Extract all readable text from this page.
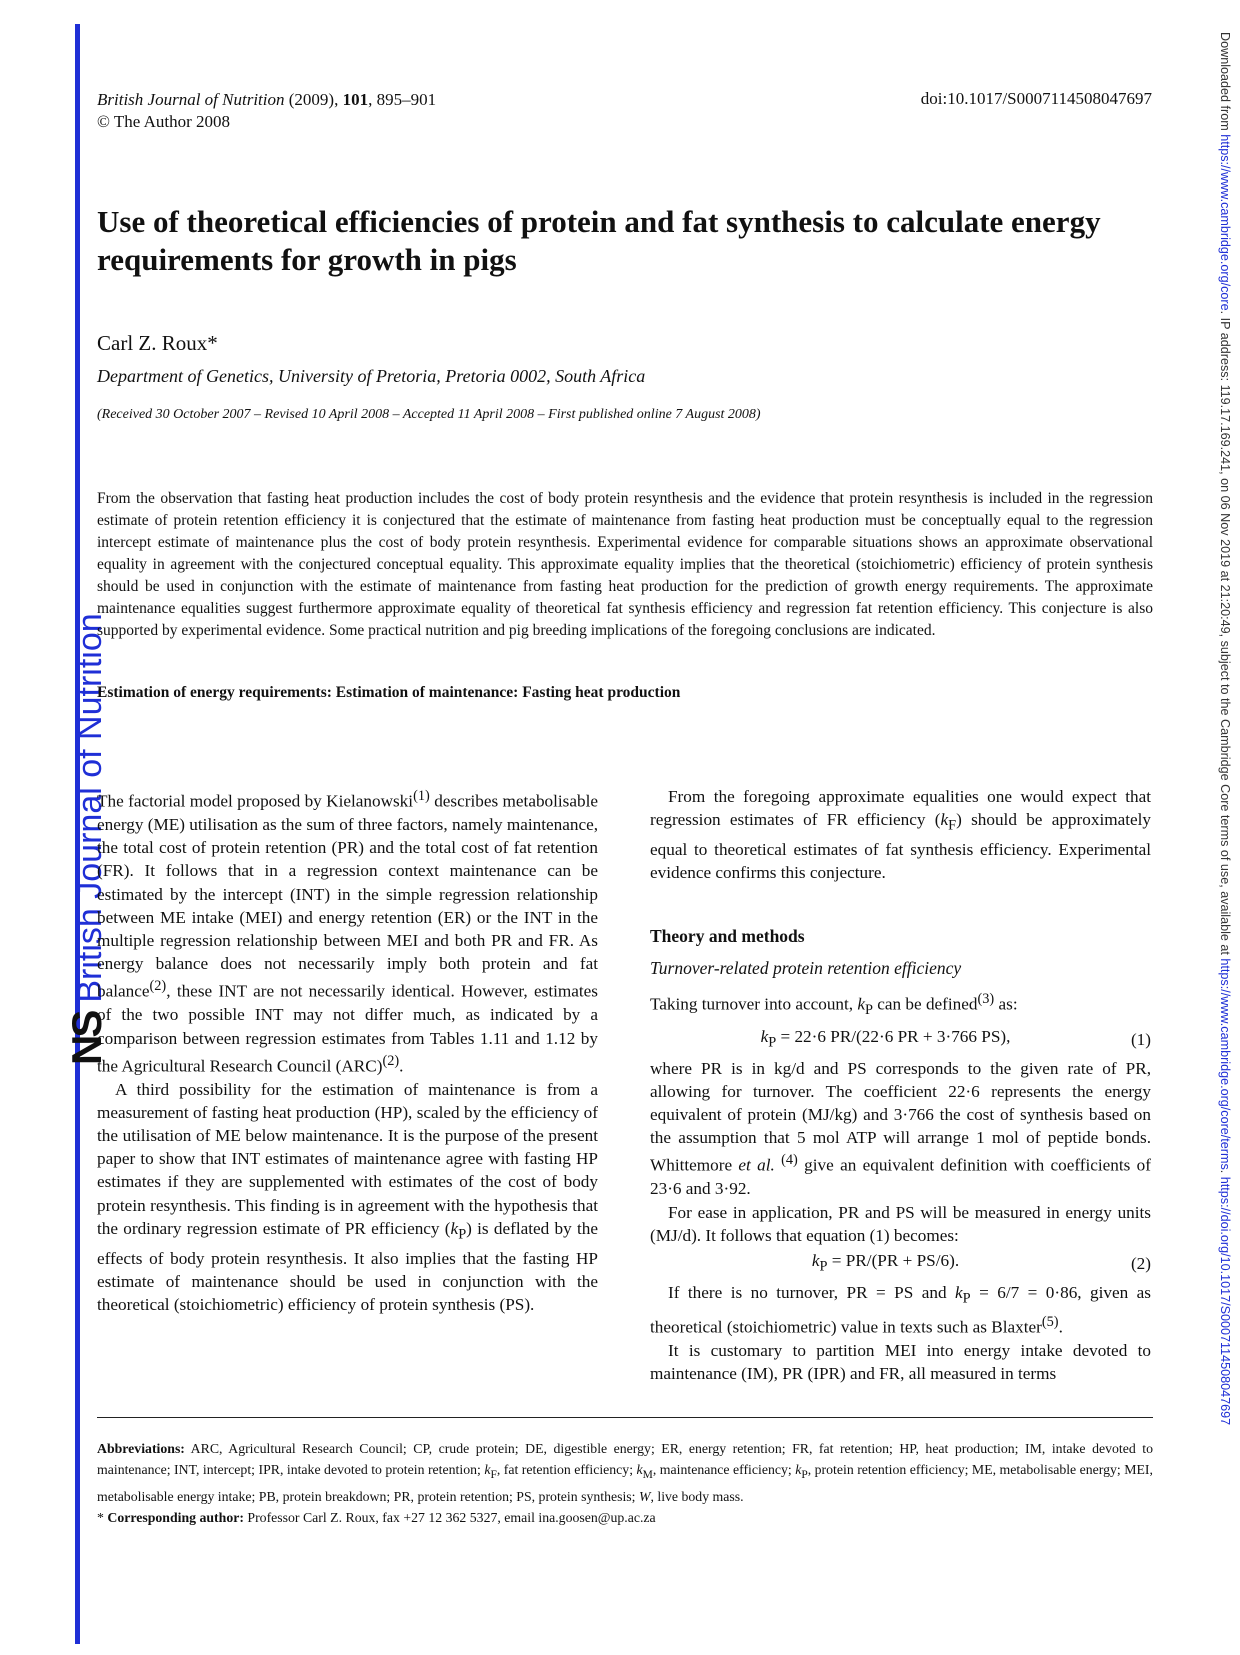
NSBritish Journal of Nutrition
Downloaded from https://www.cambridge.org/core. IP address: 119.17.169.241, on 06 Nov 2019 at 21:20:49, subject to the Cambridge Core terms of use, available at https://www.cambridge.org/core/terms. https://doi.org/10.1017/S0007114508047697
British Journal of Nutrition (2009), 101, 895–901
© The Author 2008
doi:10.1017/S0007114508047697
Use of theoretical efficiencies of protein and fat synthesis to calculate energy requirements for growth in pigs
Carl Z. Roux*
Department of Genetics, University of Pretoria, Pretoria 0002, South Africa
(Received 30 October 2007 – Revised 10 April 2008 – Accepted 11 April 2008 – First published online 7 August 2008)
From the observation that fasting heat production includes the cost of body protein resynthesis and the evidence that protein resynthesis is included in the regression estimate of protein retention efficiency it is conjectured that the estimate of maintenance from fasting heat production must be conceptually equal to the regression intercept estimate of maintenance plus the cost of body protein resynthesis. Experimental evidence for comparable situations shows an approximate observational equality in agreement with the conjectured conceptual equality. This approximate equality implies that the theoretical (stoichiometric) efficiency of protein synthesis should be used in conjunction with the estimate of maintenance from fasting heat production for the prediction of growth energy requirements. The approximate maintenance equalities suggest furthermore approximate equality of theoretical fat synthesis efficiency and regression fat retention efficiency. This conjecture is also supported by experimental evidence. Some practical nutrition and pig breeding implications of the foregoing conclusions are indicated.
Estimation of energy requirements: Estimation of maintenance: Fasting heat production

The factorial model proposed by Kielanowski$^{(1)}$ describes metabolisable energy (ME) utilisation as the sum of three factors, namely maintenance, the total cost of protein retention (PR) and the total cost of fat retention (FR). It follows that in a regression context maintenance can be estimated by the intercept (INT) in the simple regression relationship between ME intake (MEI) and energy retention (ER) or the INT in the multiple regression relationship between MEI and both PR and FR. As energy balance does not necessarily imply both protein and fat balance$^{(2)}$, these INT are not necessarily identical. However, estimates of the two possible INT may not differ much, as indicated by a comparison between regression estimates from Tables 1.11 and 1.12 by the Agricultural Research Council (ARC)$^{(2)}$.

A third possibility for the estimation of maintenance is from a measurement of fasting heat production (HP), scaled by the efficiency of the utilisation of ME below maintenance. It is the purpose of the present paper to show that INT estimates of maintenance agree with fasting HP estimates if they are supplemented with estimates of the cost of body protein resynthesis. This finding is in agreement with the hypothesis that the ordinary regression estimate of PR efficiency $(k_P)$ is deflated by the effects of body protein resynthesis. It also implies that the fasting HP estimate of maintenance should be used in conjunction with the theoretical (stoichiometric) efficiency of protein synthesis (PS).

From the foregoing approximate equalities one would expect that regression estimates of FR efficiency $(k_F)$ should be approximately equal to theoretical estimates of fat synthesis efficiency. Experimental evidence confirms this conjecture.

Theory and methods
Turnover-related protein retention efficiency

Taking turnover into account, $k_P$ can be defined$^{(3)}$ as:

$k_P = 22\cdot 6$ PR/(22·6 PR + 3·766 PS),	(1)

where PR is in kg/d and PS corresponds to the given rate of PR, allowing for turnover. The coefficient 22·6 represents the energy equivalent of protein (MJ/kg) and 3·766 the cost of synthesis based on the assumption that 5 mol ATP will arrange 1 mol of peptide bonds. Whittemore et al. $^{(4)}$ give an equivalent definition with coefficients of 23·6 and 3·92.

For ease in application, PR and PS will be measured in energy units (MJ/d). It follows that equation (1) becomes:

$k_P = PR/(PR + PS/6)$.	(2)

If there is no turnover, PR = PS and $k_P = 6/7 = 0\cdot 86$, given as theoretical (stoichiometric) value in texts such as Blaxter$^{(5)}$.

It is customary to partition MEI into energy intake devoted to maintenance (IM), PR (IPR) and FR, all measured in terms

Abbreviations: ARC, Agricultural Research Council; CP, crude protein; DE, digestible energy; ER, energy retention; FR, fat retention; HP, heat production; IM, intake devoted to maintenance; INT, intercept; IPR, intake devoted to protein retention; $k_F$, fat retention efficiency; $k_M$, maintenance efficiency; $k_P$, protein retention efficiency; ME, metabolisable energy; MEI, metabolisable energy intake; PB, protein breakdown; PR, protein retention; PS, protein synthesis; W, live body mass.

* Corresponding author: Professor Carl Z. Roux, fax +27 12 362 5327, email ina.goosen@up.ac.za
